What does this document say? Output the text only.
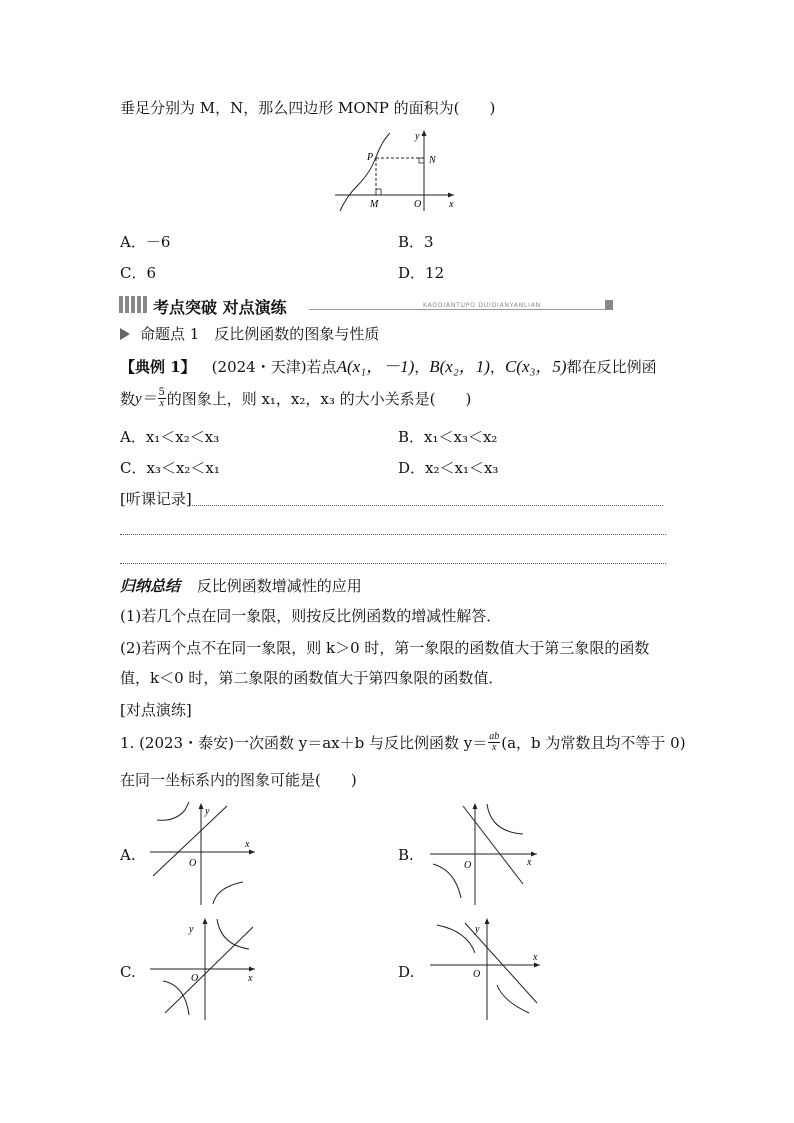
垂足分别为 M，N，那么四边形 MONP 的面积为(　　)
P	N
M	O	x
y
A．－6	B．3
C．6	D．12
考点突破 对点演练	KAODIANTUPO DUIDIANYANLIAN
命题点 1　反比例函数的图象与性质
【典例 1】 (2024・天津)若点 A(x₁，－1) ， B(x₂，1) ， C(x₃，5) 都在反比例函
数 y＝ 5
x 的图象上，则 x₁，x₂，x₃ 的大小关系是(　　)
A．x₁＜x₂＜x₃	B．x₁＜x₃＜x₂
C．x₃＜x₂＜x₁	D．x₂＜x₁＜x₃
[听课记录]
归纳总结 反比例函数增减性的应用
(1)若几个点在同一象限，则按反比例函数的增减性解答．
(2)若两个点不在同一象限，则 k＞0 时，第一象限的函数值大于第三象限的函数
值，k＜0 时，第二象限的函数值大于第四象限的函数值．
[对点演练]
1. (2023・泰安)一次函数 y＝ax＋b 与反比例函数 y＝ ab
x (a，b 为常数且均不等于 0)
在同一坐标系内的图象可能是(　　)
A.
y
x
O	B.
O	x
C.
y
O	x	D.
y
O
x
